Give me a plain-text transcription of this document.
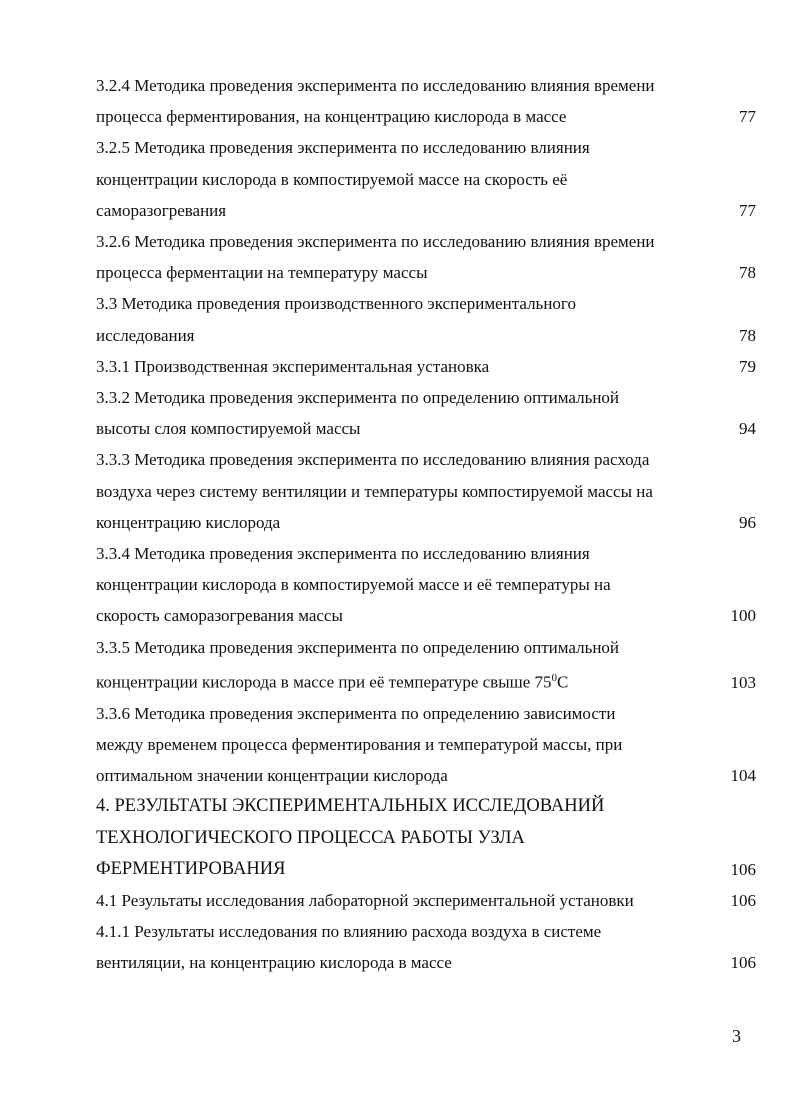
3.2.4 Методика проведения эксперимента по исследованию влияния времени
процесса ферментирования, на концентрацию кислорода в массе	77
3.2.5 Методика проведения эксперимента по исследованию влияния
концентрации кислорода в компостируемой массе на скорость её
саморазогревания	77
3.2.6 Методика проведения эксперимента по исследованию влияния времени
процесса ферментации на температуру массы	78
3.3 Методика проведения производственного экспериментального
исследования	78
3.3.1 Производственная экспериментальная установка	79
3.3.2 Методика проведения эксперимента по определению оптимальной
высоты слоя компостируемой массы	94
3.3.3 Методика проведения эксперимента по исследованию влияния расхода
воздуха через систему вентиляции и температуры компостируемой массы на
концентрацию кислорода	96
3.3.4 Методика проведения эксперимента по исследованию влияния
концентрации кислорода в компостируемой массе и её температуры на
скорость саморазогревания массы	100
3.3.5 Методика проведения эксперимента по определению оптимальной
концентрации кислорода в массе при её температуре свыше $75^0С$	103
3.3.6 Методика проведения эксперимента по определению зависимости
между временем процесса ферментирования и температурой массы, при
оптимальном значении концентрации кислорода	104
4. РЕЗУЛЬТАТЫ ЭКСПЕРИМЕНТАЛЬНЫХ ИССЛЕДОВАНИЙ
ТЕХНОЛОГИЧЕСКОГО ПРОЦЕССА РАБОТЫ УЗЛА
ФЕРМЕНТИРОВАНИЯ	106
4.1 Результаты исследования лабораторной экспериментальной установки	106
4.1.1 Результаты исследования по влиянию расхода воздуха в системе
вентиляции, на концентрацию кислорода в массе	106
3
